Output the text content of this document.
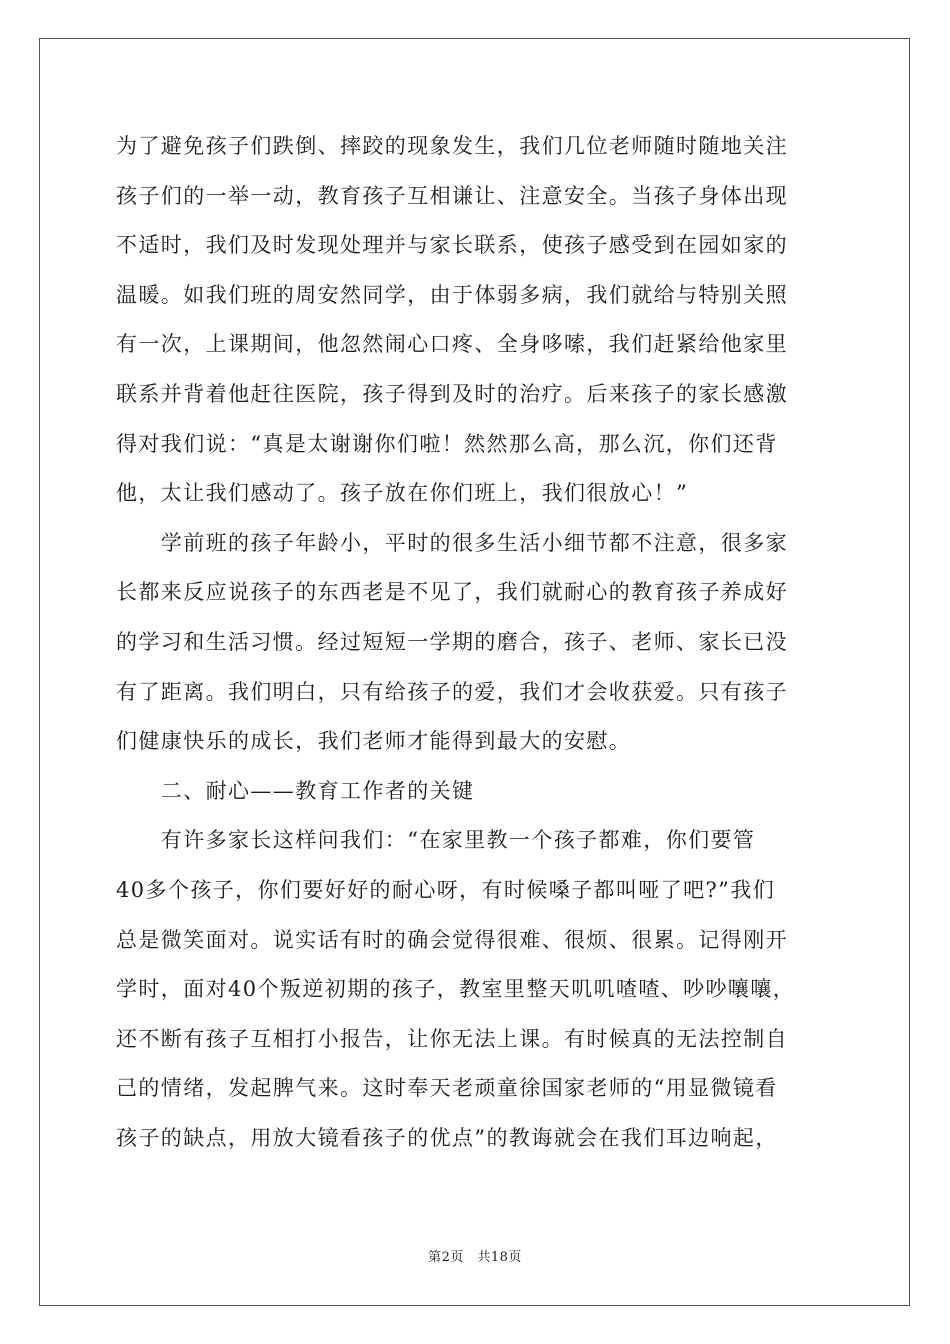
为了避免孩子们跌倒、摔跤的现象发生，我们几位老师随时随地关注
孩子们的一举一动，教育孩子互相谦让、注意安全。当孩子身体出现
不适时，我们及时发现处理并与家长联系，使孩子感受到在园如家的
温暖。如我们班的周安然同学，由于体弱多病，我们就给与特别关照
有一次，上课期间，他忽然闹心口疼、全身哆嗦，我们赶紧给他家里
联系并背着他赶往医院，孩子得到及时的治疗。后来孩子的家长感激
得对我们说：“真是太谢谢你们啦！然然那么高，那么沉，你们还背
他，太让我们感动了。孩子放在你们班上，我们很放心！”
　　学前班的孩子年龄小，平时的很多生活小细节都不注意，很多家
长都来反应说孩子的东西老是不见了，我们就耐心的教育孩子养成好
的学习和生活习惯。经过短短一学期的磨合，孩子、老师、家长已没
有了距离。我们明白，只有给孩子的爱，我们才会收获爱。只有孩子
们健康快乐的成长，我们老师才能得到最大的安慰。
　　二、耐心——教育工作者的关键
　　有许多家长这样问我们：“在家里教一个孩子都难，你们要管
40多个孩子，你们要好好的耐心呀，有时候嗓子都叫哑了吧?”我们
总是微笑面对。说实话有时的确会觉得很难、很烦、很累。记得刚开
学时，面对40个叛逆初期的孩子，教室里整天叽叽喳喳、吵吵嚷嚷，
还不断有孩子互相打小报告，让你无法上课。有时候真的无法控制自
己的情绪，发起脾气来。这时奉天老顽童徐国家老师的“用显微镜看
孩子的缺点，用放大镜看孩子的优点”的教诲就会在我们耳边响起，
第2页　共18页
